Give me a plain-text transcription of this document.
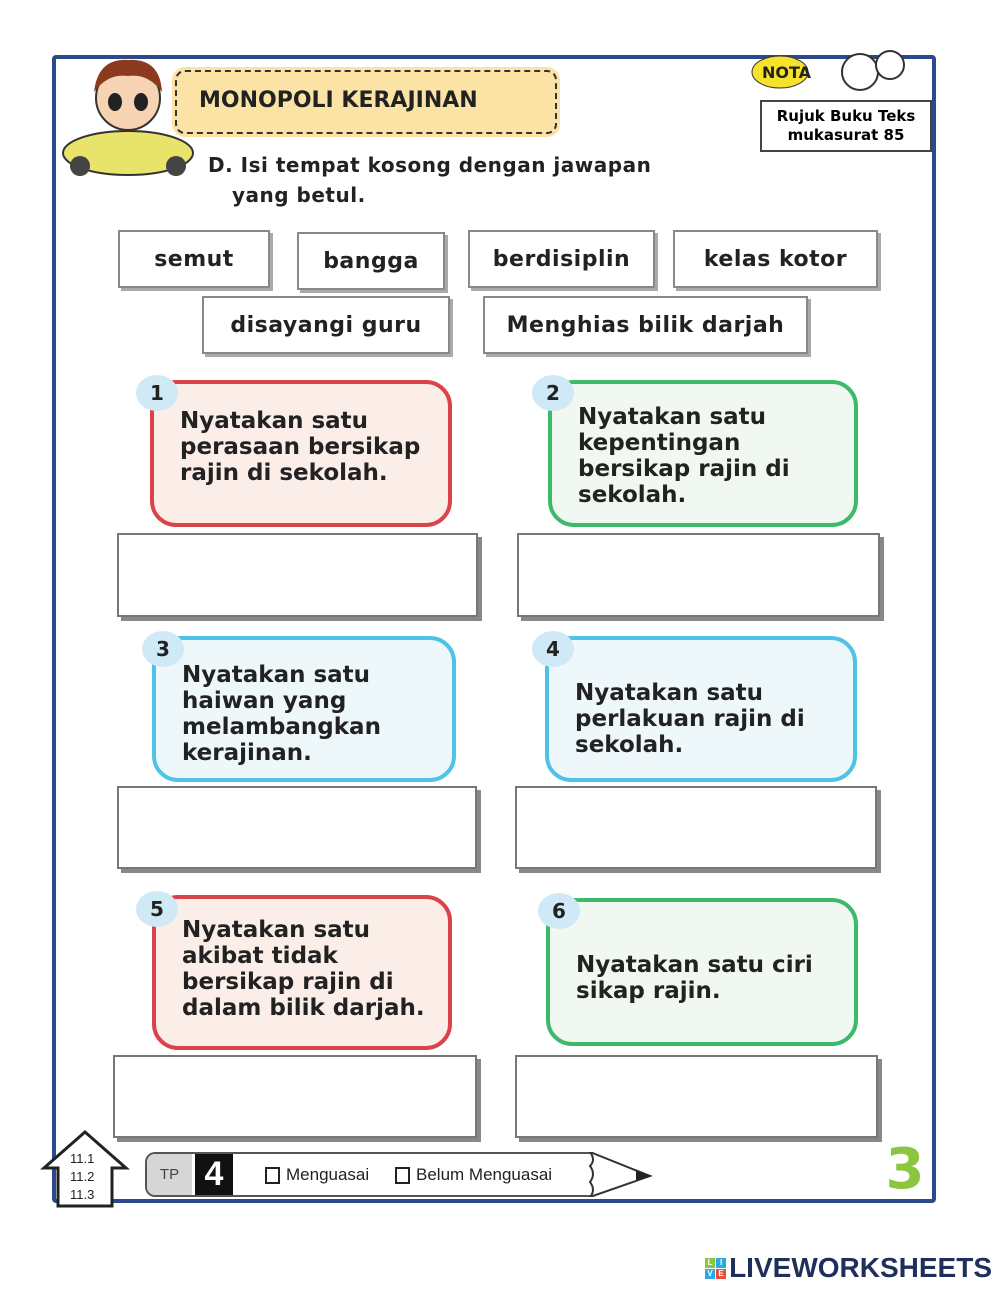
MONOPOLI KERAJINAN
NOTA
Rujuk Buku Teks
mukasurat 85
D. Isi tempat kosong dengan jawapan
yang betul.
semut	bangga	berdisiplin	kelas kotor
disayangi guru	Menghias bilik darjah
Nyatakan satu perasaan bersikap rajin di sekolah.
1
Nyatakan satu kepentingan bersikap rajin di sekolah.
2
Nyatakan satu haiwan yang melambangkan kerajinan.
3
Nyatakan satu perlakuan rajin di sekolah.
4
Nyatakan satu akibat tidak bersikap rajin di dalam bilik darjah.
5
Nyatakan satu ciri sikap rajin.
6
11.1
11.2
11.3
TP 4	Menguasai	Belum Menguasai	3
L I
V E LIVEWORKSHEETS
